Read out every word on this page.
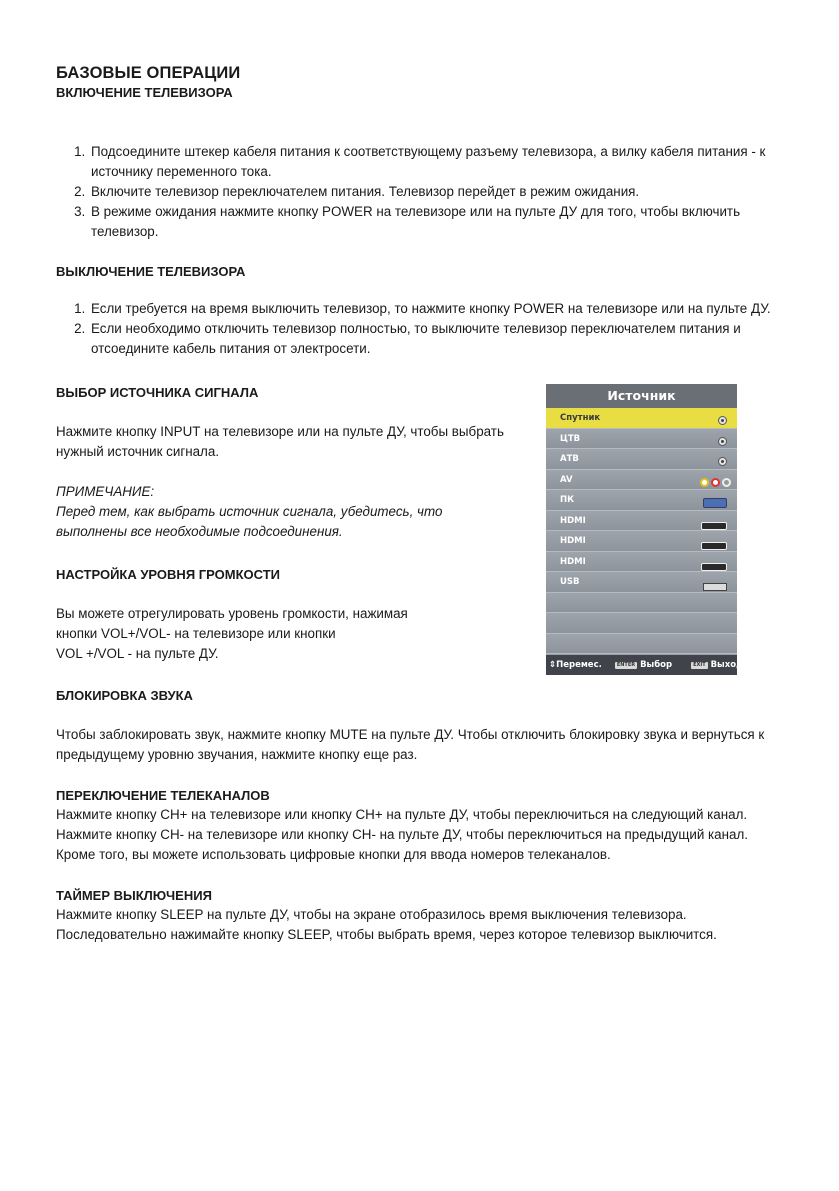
БАЗОВЫЕ ОПЕРАЦИИ
ВКЛЮЧЕНИЕ ТЕЛЕВИЗОРА
1. Подсоедините штекер кабеля питания к соответствующему разъему телевизора, а вилку кабеля питания - к источнику переменного тока.
2. Включите телевизор переключателем питания. Телевизор перейдет в режим ожидания.
3. В режиме ожидания нажмите кнопку POWER на телевизоре или на пульте ДУ для того, чтобы включить телевизор.
ВЫКЛЮЧЕНИЕ ТЕЛЕВИЗОРА
1. Если требуется на время выключить телевизор, то нажмите кнопку POWER на телевизоре или на пульте ДУ.
2. Если необходимо отключить телевизор полностью, то выключите телевизор переключателем питания и отсоедините кабель питания от электросети.
ВЫБОР ИСТОЧНИКА СИГНАЛА

Нажмите кнопку INPUT на телевизоре или на пульте ДУ, чтобы выбрать нужный источник сигнала.

ПРИМЕЧАНИЕ:

Перед тем, как выбрать источник сигнала, убедитесь, что выполнены все необходимые подсоединения.

НАСТРОЙКА УРОВНЯ ГРОМКОСТИ

Вы можете отрегулировать уровень громкости, нажимая

кнопки VOL+/VOL- на телевизоре или кнопки

VOL +/VOL - на пульте ДУ.

БЛОКИРОВКА ЗВУКА

Чтобы заблокировать звук, нажмите кнопку MUTE на пульте ДУ. Чтобы отключить блокировку звука и вернуться к предыдущему уровню звучания, нажмите кнопку еще раз.

ПЕРЕКЛЮЧЕНИЕ ТЕЛЕКАНАЛОВ

Нажмите кнопку CH+ на телевизоре или кнопку CH+ на пульте ДУ, чтобы переключиться на следующий канал. Нажмите кнопку CH- на телевизоре или кнопку CH- на пульте ДУ, чтобы переключиться на предыдущий канал. Кроме того, вы можете использовать цифровые кнопки для ввода номеров телеканалов.

ТАЙМЕР ВЫКЛЮЧЕНИЯ

Нажмите кнопку SLEEP на пульте ДУ, чтобы на экране отобразилось время выключения телевизора. Последовательно нажимайте кнопку SLEEP, чтобы выбрать время, через которое телевизор выключится.

Источник
Спутник
ЦТВ
АТВ
AV
ПК
HDMI
HDMI
HDMI
USB
⇕Перемес.	ENTER Выбор	EXIT Выход
